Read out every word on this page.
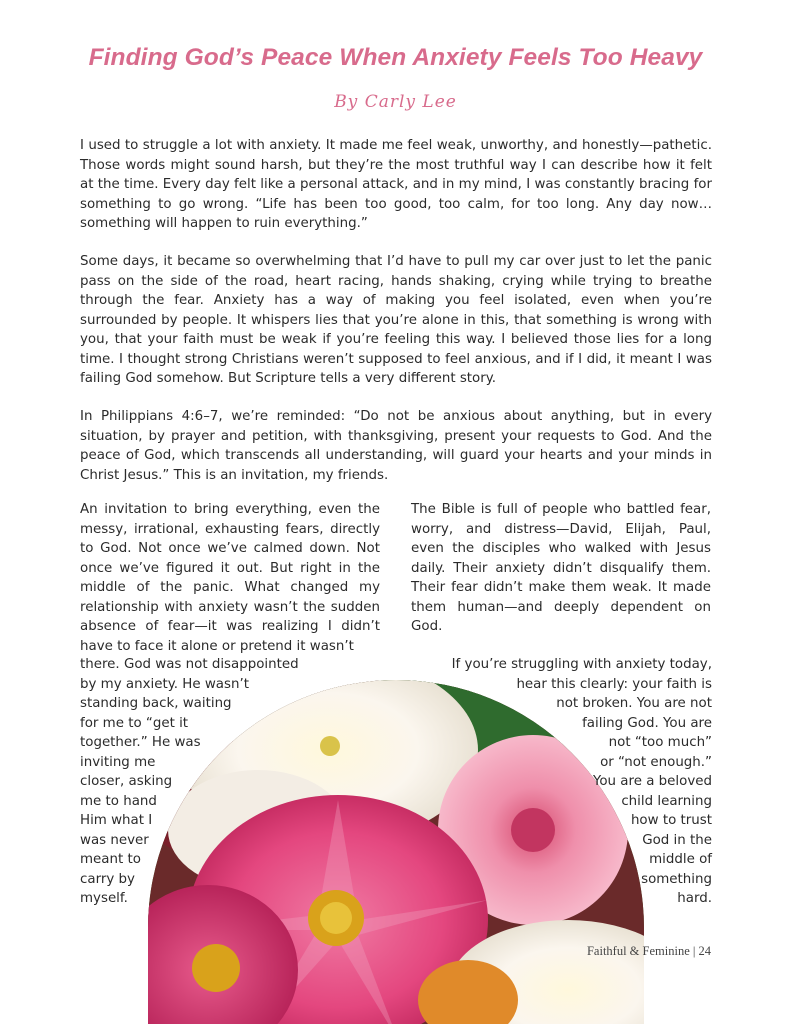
Finding God’s Peace When Anxiety Feels Too Heavy
By Carly Lee

I used to struggle a lot with anxiety. It made me feel weak, unworthy, and honestly—pathetic. Those words might sound harsh, but they’re the most truthful way I can describe how it felt at the time. Every day felt like a personal attack, and in my mind, I was constantly bracing for something to go wrong. “Life has been too good, too calm, for too long. Any day now… something will happen to ruin everything.”

Some days, it became so overwhelming that I’d have to pull my car over just to let the panic pass on the side of the road, heart racing, hands shaking, crying while trying to breathe through the fear. Anxiety has a way of making you feel isolated, even when you’re surrounded by people. It whispers lies that you’re alone in this, that something is wrong with you, that your faith must be weak if you’re feeling this way. I believed those lies for a long time. I thought strong Christians weren’t supposed to feel anxious, and if I did, it meant I was failing God somehow. But Scripture tells a very different story.

In Philippians 4:6–7, we’re reminded: “Do not be anxious about anything, but in every situation, by prayer and petition, with thanksgiving, present your requests to God. And the peace of God, which transcends all understanding, will guard your hearts and your minds in Christ Jesus.” This is an invitation, my friends.

An invitation to bring everything, even the messy, irrational, exhausting fears, directly to God. Not once we’ve calmed down. Not once we’ve figured it out. But right in the middle of the panic. What changed my relationship with anxiety wasn’t the sudden absence of fear—it was realizing I didn’t have to face it alone or pretend it wasn’t

The Bible is full of people who battled fear, worry, and distress—David, Elijah, Paul, even the disciples who walked with Jesus daily. Their anxiety didn’t disqualify them. Their fear didn’t make them weak. It made them human—and deeply dependent on God.

there. God was not disappointed
by my anxiety. He wasn’t
standing back, waiting
for me to “get it
together.” He was
inviting me
closer, asking
me to hand
Him what I
was never
meant to
carry by
myself.
If you’re struggling with anxiety today,
hear this clearly: your faith is
not broken. You are not
failing God. You are
not “too much”
or “not enough.”
You are a beloved
child learning
how to trust
God in the
middle of
something
hard.
Faithful & Feminine | 24
